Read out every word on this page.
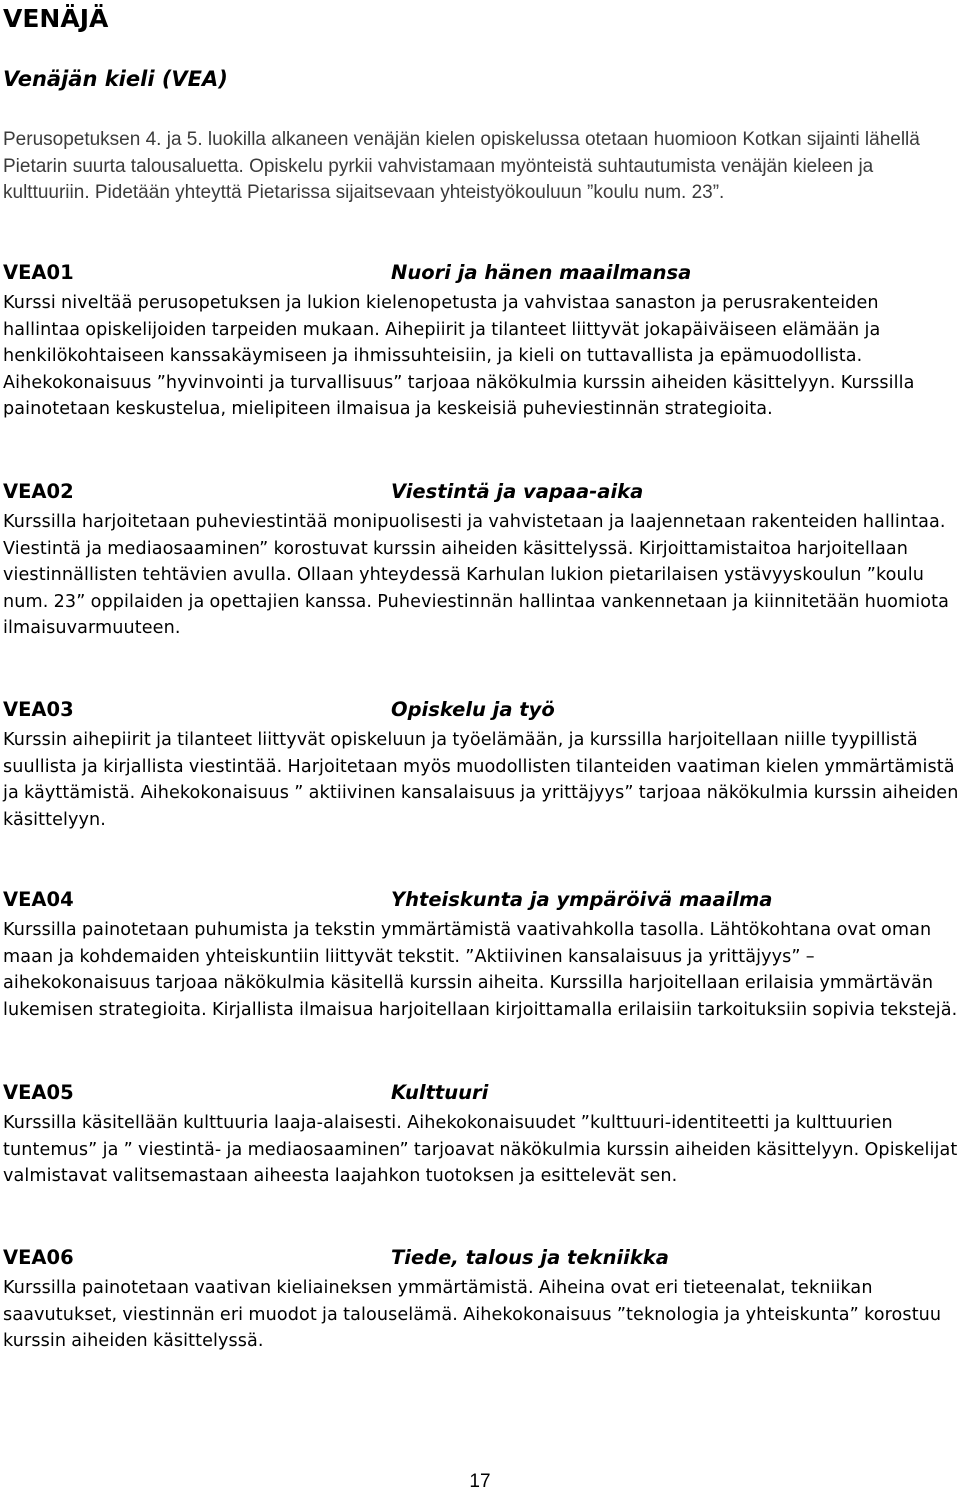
VENÄJÄ
Venäjän kieli (VEA)

Perusopetuksen 4. ja 5. luokilla alkaneen venäjän kielen opiskelussa otetaan huomioon Kotkan sijainti lähellä Pietarin suurta talousaluetta. Opiskelu pyrkii vahvistamaan myönteistä suhtautumista venäjän kieleen ja kulttuuriin. Pidetään yhteyttä Pietarissa sijaitsevaan yhteistyökouluun ”koulu num. 23”.

VEA01	Nuori ja hänen maailmansa

Kurssi niveltää perusopetuksen ja lukion kielenopetusta ja vahvistaa sanaston ja perusrakenteiden hallintaa opiskelijoiden tarpeiden mukaan. Aihepiirit ja tilanteet liittyvät jokapäiväiseen elämään ja henkilökohtaiseen kanssakäymiseen ja ihmissuhteisiin, ja kieli on tuttavallista ja epämuodollista. Aihekokonaisuus ”hyvinvointi ja turvallisuus” tarjoaa näkökulmia kurssin aiheiden käsittelyyn. Kurssilla painotetaan keskustelua, mielipiteen ilmaisua ja keskeisiä puheviestinnän strategioita.

VEA02	Viestintä ja vapaa-aika

Kurssilla harjoitetaan puheviestintää monipuolisesti ja vahvistetaan ja laajennetaan rakenteiden hallintaa. Viestintä ja mediaosaaminen” korostuvat kurssin aiheiden käsittelyssä. Kirjoittamistaitoa harjoitellaan viestinnällisten tehtävien avulla. Ollaan yhteydessä Karhulan lukion pietarilaisen ystävyyskoulun ”koulu num. 23” oppilaiden ja opettajien kanssa. Puheviestinnän hallintaa vankennetaan ja kiinnitetään huomiota ilmaisuvarmuuteen.

VEA03	Opiskelu ja työ

Kurssin aihepiirit ja tilanteet liittyvät opiskeluun ja työelämään, ja kurssilla harjoitellaan niille tyypillistä suullista ja kirjallista viestintää. Harjoitetaan myös muodollisten tilanteiden vaatiman kielen ymmärtämistä ja käyttämistä. Aihekokonaisuus ” aktiivinen kansalaisuus ja yrittäjyys” tarjoaa näkökulmia kurssin aiheiden käsittelyyn.

VEA04	Yhteiskunta ja ympäröivä maailma

Kurssilla painotetaan puhumista ja tekstin ymmärtämistä vaativahkolla tasolla. Lähtökohtana ovat oman maan ja kohdemaiden yhteiskuntiin liittyvät tekstit. ”Aktiivinen kansalaisuus ja yrittäjyys” –aihekokonaisuus tarjoaa näkökulmia käsitellä kurssin aiheita. Kurssilla harjoitellaan erilaisia ymmärtävän lukemisen strategioita. Kirjallista ilmaisua harjoitellaan kirjoittamalla erilaisiin tarkoituksiin sopivia tekstejä.

VEA05	Kulttuuri

Kurssilla käsitellään kulttuuria laaja-alaisesti. Aihekokonaisuudet ”kulttuuri-identiteetti ja kulttuurien tuntemus” ja ” viestintä- ja mediaosaaminen” tarjoavat näkökulmia kurssin aiheiden käsittelyyn. Opiskelijat valmistavat valitsemastaan aiheesta laajahkon tuotoksen ja esittelevät sen.

VEA06	Tiede, talous ja tekniikka

Kurssilla painotetaan vaativan kieliaineksen ymmärtämistä. Aiheina ovat eri tieteenalat, tekniikan saavutukset, viestinnän eri muodot ja talouselämä. Aihekokonaisuus ”teknologia ja yhteiskunta” korostuu kurssin aiheiden käsittelyssä.

17
